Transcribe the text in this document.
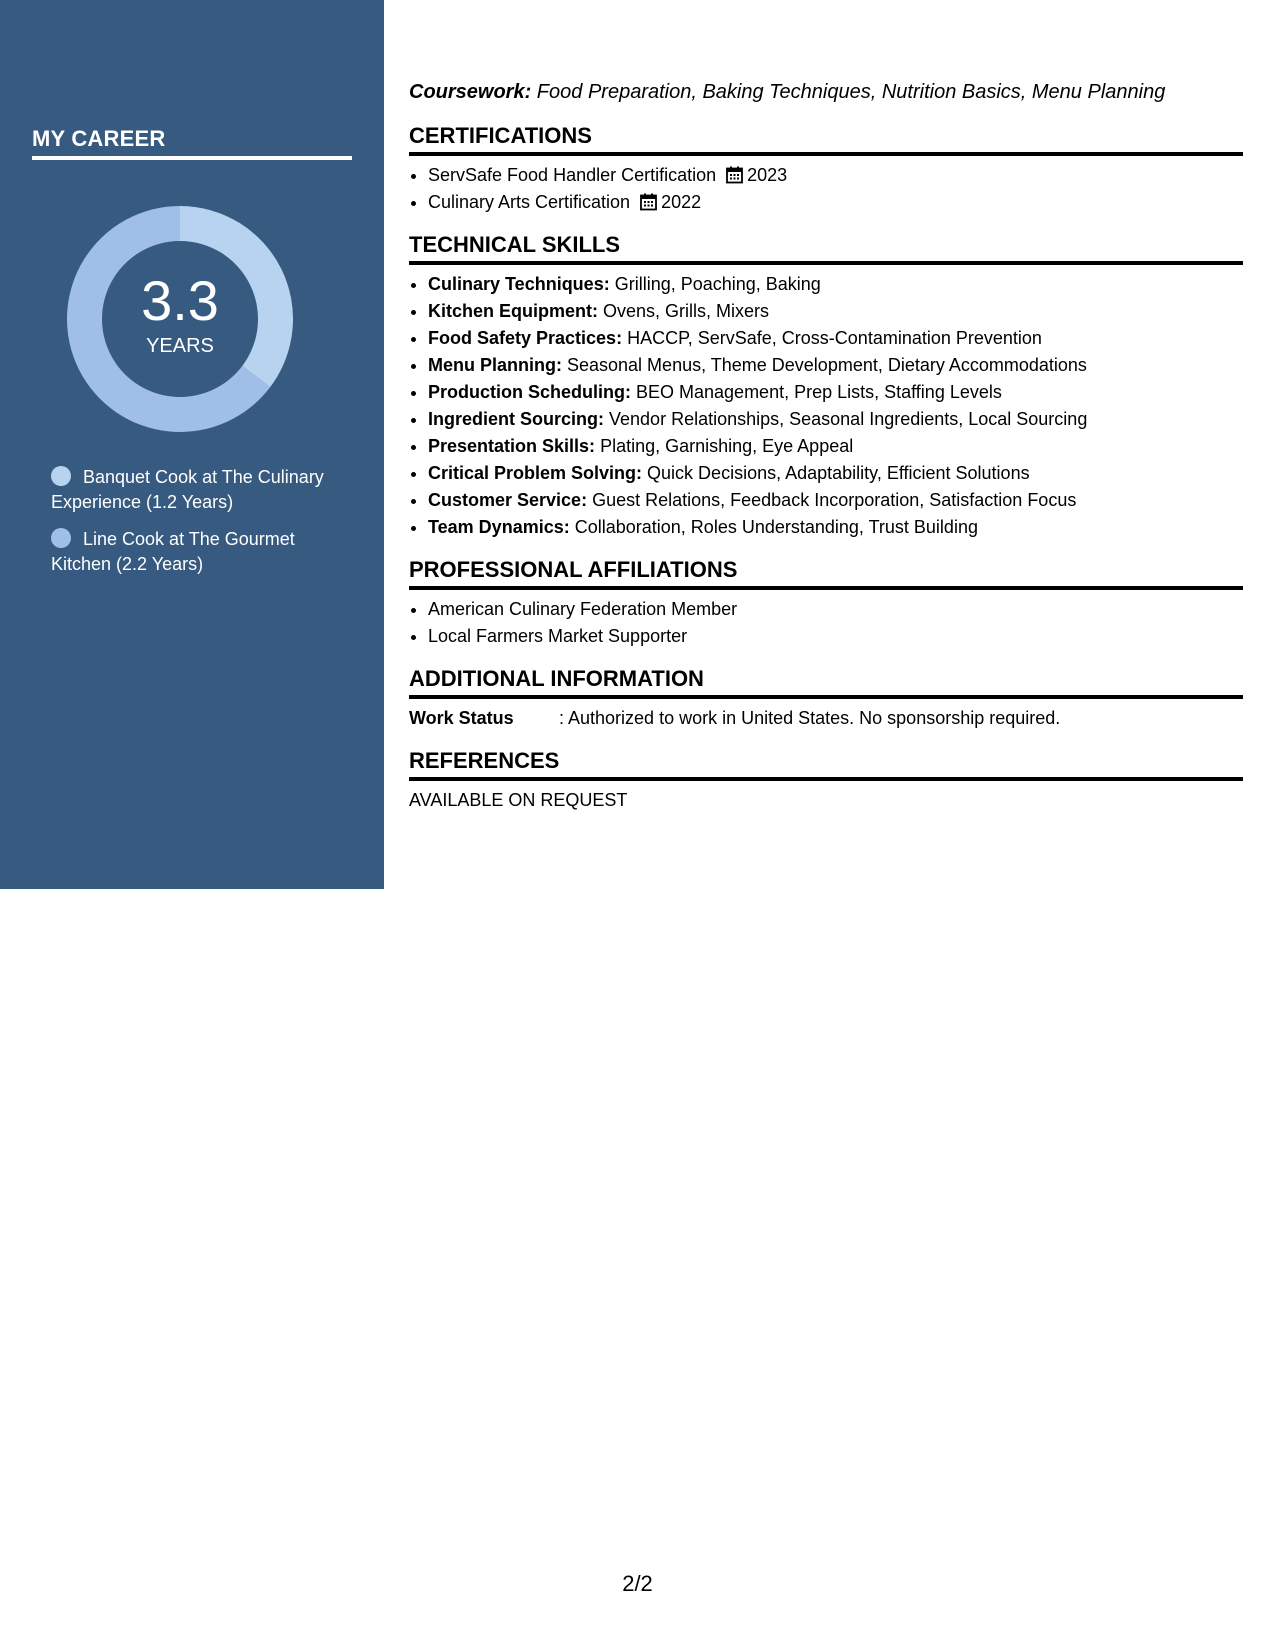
MY CAREER
3.3
YEARS
Banquet Cook at The Culinary Experience (1.2 Years)
Line Cook at The Gourmet Kitchen (2.2 Years)

Coursework: Food Preparation, Baking Techniques, Nutrition Basics, Menu Planning

CERTIFICATIONS
• ServSafe Food Handler Certification 2023
• Culinary Arts Certification 2022
TECHNICAL SKILLS
• Culinary Techniques: Grilling, Poaching, Baking
• Kitchen Equipment: Ovens, Grills, Mixers
• Food Safety Practices: HACCP, ServSafe, Cross-Contamination Prevention
• Menu Planning: Seasonal Menus, Theme Development, Dietary Accommodations
• Production Scheduling: BEO Management, Prep Lists, Staffing Levels
• Ingredient Sourcing: Vendor Relationships, Seasonal Ingredients, Local Sourcing
• Presentation Skills: Plating, Garnishing, Eye Appeal
• Critical Problem Solving: Quick Decisions, Adaptability, Efficient Solutions
• Customer Service: Guest Relations, Feedback Incorporation, Satisfaction Focus
• Team Dynamics: Collaboration, Roles Understanding, Trust Building
PROFESSIONAL AFFILIATIONS
• American Culinary Federation Member
• Local Farmers Market Supporter
ADDITIONAL INFORMATION
Work Status	: Authorized to work in United States. No sponsorship required.
REFERENCES

AVAILABLE ON REQUEST

2/2
